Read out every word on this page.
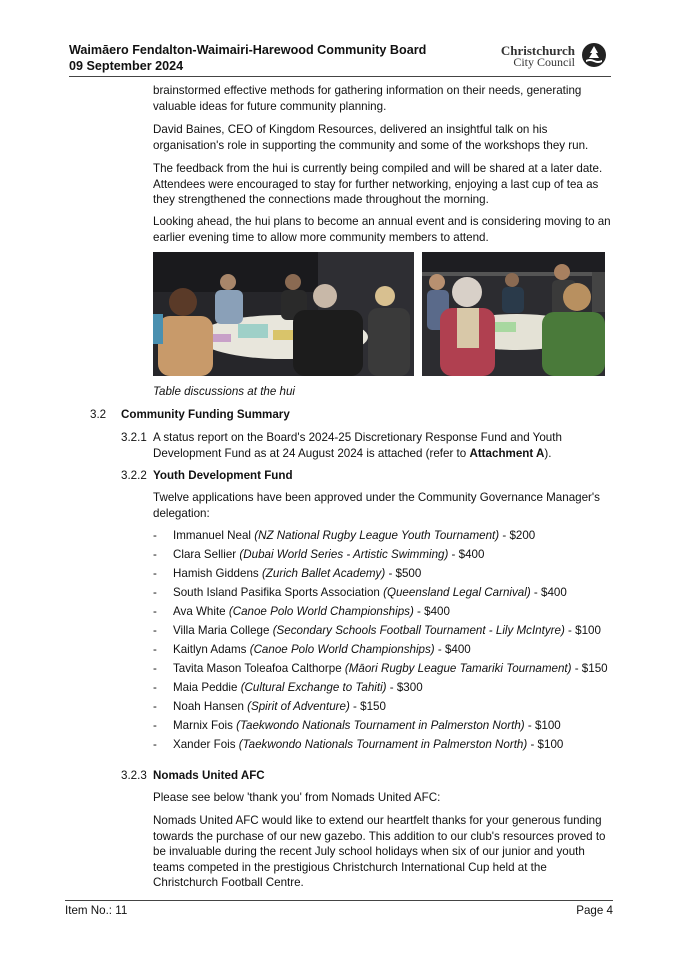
Waimāero Fendalton-Waimairi-Harewood Community Board
09 September 2024
Christchurch
City Council

brainstormed effective methods for gathering information on their needs, generating valuable ideas for future community planning.

David Baines, CEO of Kingdom Resources, delivered an insightful talk on his organisation's role in supporting the community and some of the workshops they run.

The feedback from the hui is currently being compiled and will be shared at a later date. Attendees were encouraged to stay for further networking, enjoying a last cup of tea as they strengthened the connections made throughout the morning.

Looking ahead, the hui plans to become an annual event and is considering moving to an earlier evening time to allow more community members to attend.

Table discussions at the hui
3.2 Community Funding Summary
3.2.1 A status report on the Board's 2024-25 Discretionary Response Fund and Youth Development Fund as at 24 August 2024 is attached (refer to Attachment A).

3.2.2 Youth Development Fund

Twelve applications have been approved under the Community Governance Manager's delegation:

- Immanuel Neal (NZ National Rugby League Youth Tournament) - $200
- Clara Sellier (Dubai World Series - Artistic Swimming) - $400
- Hamish Giddens (Zurich Ballet Academy) - $500
- South Island Pasifika Sports Association (Queensland Legal Carnival) - $400
- Ava White (Canoe Polo World Championships) - $400
- Villa Maria College (Secondary Schools Football Tournament - Lily McIntyre) - $100
- Kaitlyn Adams (Canoe Polo World Championships) - $400
- Tavita Mason Toleafoa Calthorpe (Māori Rugby League Tamariki Tournament) - $150
- Maia Peddie (Cultural Exchange to Tahiti) - $300
- Noah Hansen (Spirit of Adventure) - $150
- Marnix Fois (Taekwondo Nationals Tournament in Palmerston North) - $100
- Xander Fois (Taekwondo Nationals Tournament in Palmerston North) - $100
3.2.3 Nomads United AFC

Please see below 'thank you' from Nomads United AFC:

Nomads United AFC would like to extend our heartfelt thanks for your generous funding towards the purchase of our new gazebo. This addition to our club's resources proved to be invaluable during the recent July school holidays when six of our junior and youth teams competed in the prestigious Christchurch International Cup held at the Christchurch Football Centre.

Item No.: 11	Page 4
